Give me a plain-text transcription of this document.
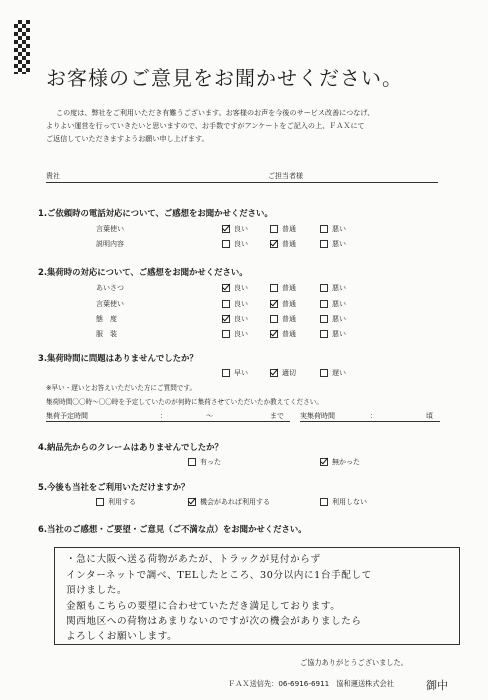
お客様のご意見をお聞かせください。
この度は、弊社をご利用いただき有難うございます。お客様のお声を今後のサービス改善につなげ、
よりよい運営を行っていきたいと思いますので、お手数ですがアンケートをご記入の上、ＦＡＸにて
ご返信していただきますようお願い申し上げます。
貴社	ご担当者様
1.ご依頼時の電話対応について、ご感想をお聞かせください。
言葉使い	良い	普通	悪い
説明内容	良い	普通	悪い
2.集荷時の対応について、ご感想をお聞かせください。
あいさつ	良い	普通	悪い
言葉使い	良い	普通	悪い
態　度	良い	普通	悪い
服　装	良い	普通	悪い
3.集荷時間に問題はありませんでしたか？
早い	適切	遅い
※早い・遅いとお答えいただいた方にご質問です。
集荷時間〇〇時〜〇〇時を予定していたのが何時に集荷させていただいたか教えてください。
集荷予定時間	：	〜	まで 実集荷時間	：	頃
4.納品先からのクレームはありませんでしたか？
有った	無かった
5.今後も当社をご利用いただけますか？
利用する	機会があれば利用する	利用しない
6.当社のご感想・ご要望・ご意見（ご不満な点）をお聞かせください。
・急に大阪へ送る荷物があたが、トラックが見付からず
インターネットで調べ、TELしたところ、30分以内に1台手配して
頂けました。
金額もこちらの要望に合わせていただき満足しております。
関西地区への荷物はあまりないのですが次の機会がありましたら
よろしくお願いします。
ご協力ありがとうございました。
ＦＡＸ送信先：06-6916-6911　協和運送株式会社	御中
